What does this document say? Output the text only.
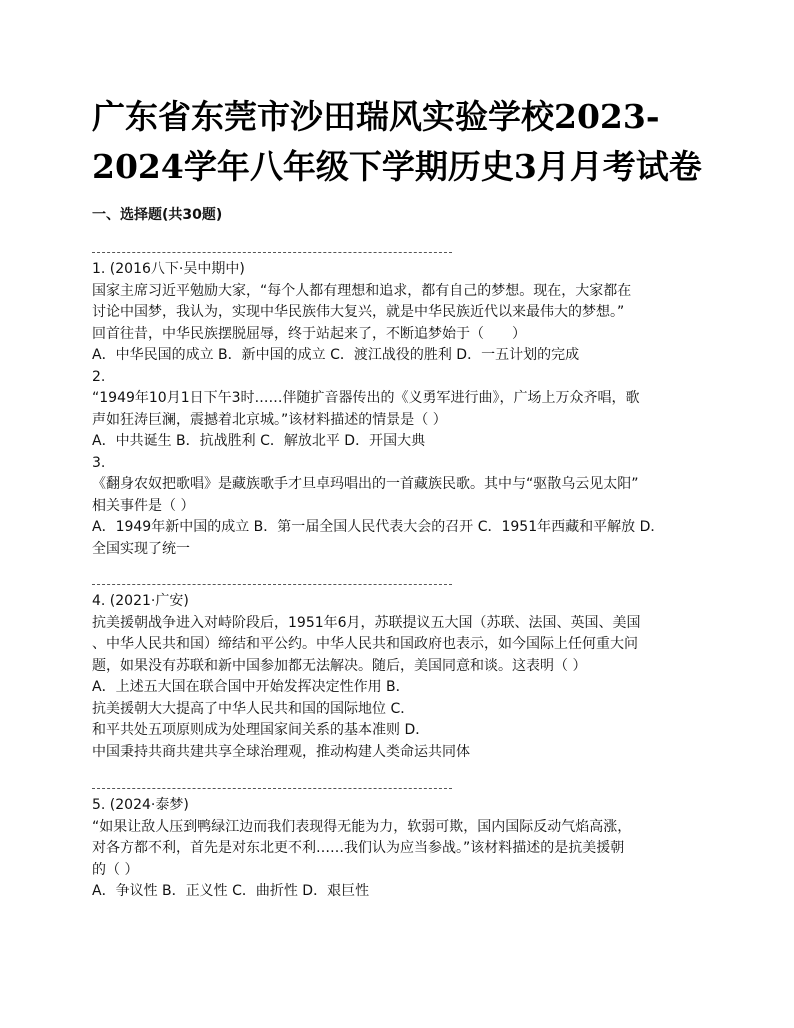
广东省东莞市沙田瑞风实验学校2023-
2024学年八年级下学期历史3月月考试卷
一、选择题(共30题)
1. (2016八下·吴中期中)
国家主席习近平勉励大家，“每个人都有理想和追求，都有自己的梦想。现在，大家都在
讨论中国梦，我认为，实现中华民族伟大复兴，就是中华民族近代以来最伟大的梦想。”
回首往昔，中华民族摆脱屈辱，终于站起来了，不断追梦始于（　　）
A．中华民国的成立 B．新中国的成立 C．渡江战役的胜利 D．一五计划的完成
2.
“1949年10月1日下午3时……伴随扩音器传出的《义勇军进行曲》，广场上万众齐唱，歌
声如狂涛巨澜，震撼着北京城。”该材料描述的情景是（ ）
A．中共诞生 B．抗战胜利 C．解放北平 D．开国大典
3.
《翻身农奴把歌唱》是藏族歌手才旦卓玛唱出的一首藏族民歌。其中与“驱散乌云见太阳”
相关事件是（ ）
A．1949年新中国的成立 B．第一届全国人民代表大会的召开 C．1951年西藏和平解放 D．
全国实现了统一
4. (2021·广安)
抗美援朝战争进入对峙阶段后，1951年6月，苏联提议五大国（苏联、法国、英国、美国
、中华人民共和国）缔结和平公约。中华人民共和国政府也表示，如今国际上任何重大问
题，如果没有苏联和新中国参加都无法解决。随后，美国同意和谈。这表明（ ）
A．上述五大国在联合国中开始发挥决定性作用 B．
抗美援朝大大提高了中华人民共和国的国际地位 C．
和平共处五项原则成为处理国家间关系的基本准则 D．
中国秉持共商共建共享全球治理观，推动构建人类命运共同体
5. (2024·泰梦)
“如果让敌人压到鸭绿江边而我们表现得无能为力，软弱可欺，国内国际反动气焰高涨，
对各方都不利，首先是对东北更不利……我们认为应当参战。”该材料描述的是抗美援朝
的（ ）
A．争议性 B．正义性 C．曲折性 D．艰巨性
